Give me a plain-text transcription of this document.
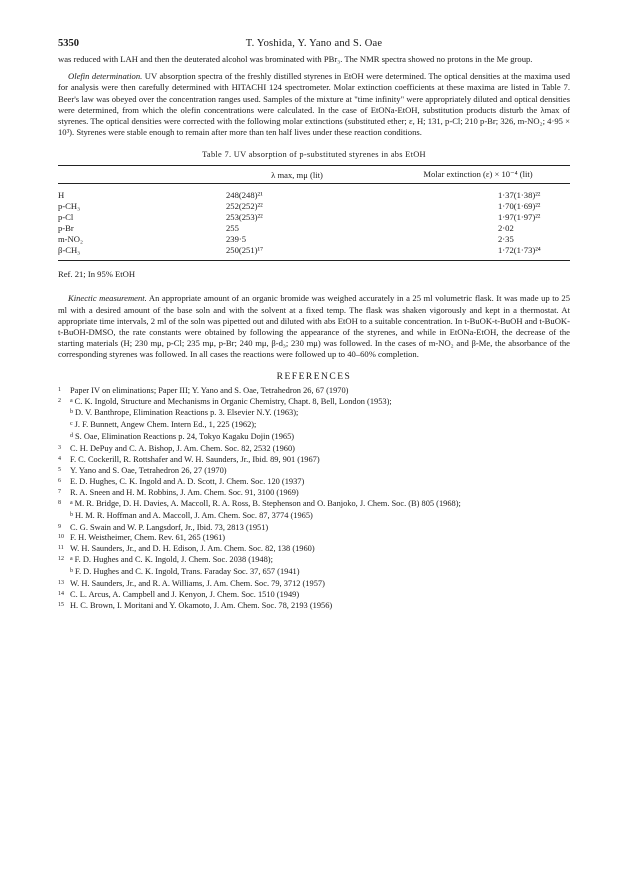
5350	T. Yoshida, Y. Yano and S. Oae

was reduced with LAH and then the deuterated alcohol was brominated with PBr₃. The NMR spectra showed no protons in the Me group.

Olefin determination. UV absorption spectra of the freshly distilled styrenes in EtOH were determined. The optical densities at the maxima used for analysis were then carefully determined with HITACHI 124 spectrometer. Molar extinction coefficients at these maxima are listed in Table 7. Beer's law was obeyed over the concentration ranges used. Samples of the mixture at "time infinity" were appropriately diluted and optical densities were determined, from which the olefin concentrations were calculated. In the case of EtONa-EtOH, substitution products disturb the λmax of styrenes. The optical densities were corrected with the following molar extinctions (substituted ether; ε, H; 131, p-Cl; 210 p-Br; 326, m-NO₂; 4·95 × 10³). Styrenes were stable enough to remain after more than ten half lives under these reaction conditions.

Table 7. UV absorption of p-substituted styrenes in abs EtOH
	λ max, mμ (lit)	Molar extinction (ε) × 10⁻⁴ (lit)
H	248(248)²¹	1·37(1·38)²²
p-CH₃	252(252)²²	1·70(1·69)²²
p-Cl	253(253)²²	1·97(1·97)²²
p-Br	255	2·02
m-NO₂	239·5	2·35
β-CH₃	250(251)¹⁷	1·72(1·73)²⁴
Ref. 21; In 95% EtOH

Kinectic measurement. An appropriate amount of an organic bromide was weighed accurately in a 25 ml volumetric flask. It was made up to 25 ml with a desired amount of the base soln and with the solvent at a fixed temp. The flask was shaken vigorously and kept in a thermostat. At appropriate time intervals, 2 ml of the soln was pipetted out and diluted with abs EtOH to a suitable concentration. In t-BuOK-t-BuOH and t-BuOK-t-BuOH-DMSO, the rate constants were obtained by following the appearance of the styrenes, and while in EtONa-EtOH, the decrease of the starting materials (H; 230 mμ, p-Cl; 235 mμ, p-Br; 240 mμ, β-d₃; 230 mμ) was followed. In the cases of m-NO₂ and β-Me, the absorbance of the corresponding styrenes was followed. In all cases the reactions were followed up to 40–60% completion.

REFERENCES
1 Paper IV on eliminations; Paper III; Y. Yano and S. Oae, Tetrahedron 26, 67 (1970)
2 $^a$ C. K. Ingold, Structure and Mechanisms in Organic Chemistry, Chapt. 8, Bell, London (1953);
$^b$ D. V. Banthrope, Elimination Reactions p. 3. Elsevier N.Y. (1963);
$^c$ J. F. Bunnett, Angew Chem. Intern Ed., 1, 225 (1962);
$^d$ S. Oae, Elimination Reactions p. 24, Tokyo Kagaku Dojin (1965)
3 C. H. DePuy and C. A. Bishop, J. Am. Chem. Soc. 82, 2532 (1960)
4 F. C. Cockerill, R. Rottshafer and W. H. Saunders, Jr., Ibid. 89, 901 (1967)
5 Y. Yano and S. Oae, Tetrahedron 26, 27 (1970)
6 E. D. Hughes, C. K. Ingold and A. D. Scott, J. Chem. Soc. 120 (1937)
7 R. A. Sneen and H. M. Robbins, J. Am. Chem. Soc. 91, 3100 (1969)
8 $^a$ M. R. Bridge, D. H. Davies, A. Maccoll, R. A. Ross, B. Stephenson and O. Banjoko, J. Chem. Soc. (B) 805 (1968);
$^b$ H. M. R. Hoffman and A. Maccoll, J. Am. Chem. Soc. 87, 3774 (1965)
9 C. G. Swain and W. P. Langsdorf, Jr., Ibid. 73, 2813 (1951)
10 F. H. Weistheimer, Chem. Rev. 61, 265 (1961)
11 W. H. Saunders, Jr., and D. H. Edison, J. Am. Chem. Soc. 82, 138 (1960)
12 $^a$ F. D. Hughes and C. K. Ingold, J. Chem. Soc. 2038 (1948);
$^b$ F. D. Hughes and C. K. Ingold, Trans. Faraday Soc. 37, 657 (1941)
13 W. H. Saunders, Jr., and R. A. Williams, J. Am. Chem. Soc. 79, 3712 (1957)
14 C. L. Arcus, A. Campbell and J. Kenyon, J. Chem. Soc. 1510 (1949)
15 H. C. Brown, I. Moritani and Y. Okamoto, J. Am. Chem. Soc. 78, 2193 (1956)
